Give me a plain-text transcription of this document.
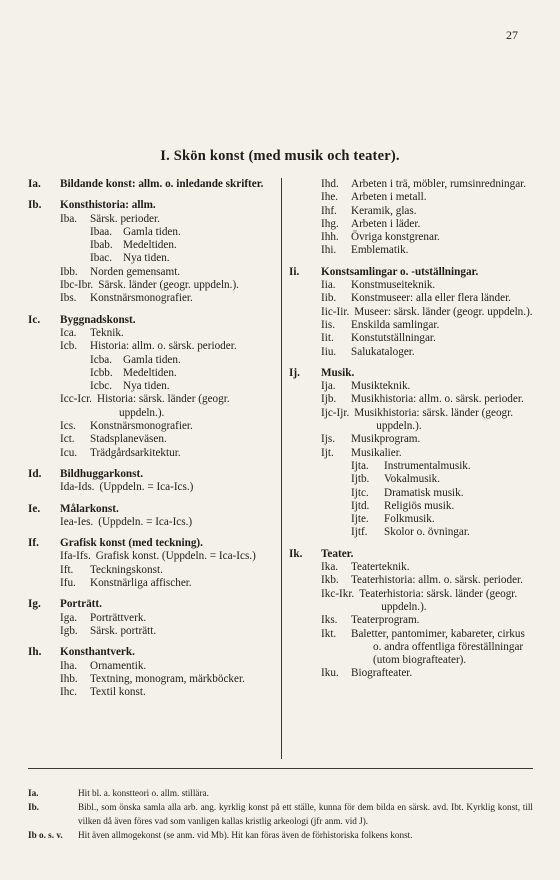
27
I. Skön konst (med musik och teater).
Ia.	Bildande konst: allm. o. inledande skrifter.
Ib.	Konsthistoria: allm.
Iba.	Särsk. perioder.
Ibaa. Gamla tiden.
Ibab. Medeltiden.
Ibac. Nya tiden.
Ibb.	Norden gemensamt.
Ibc-Ibr. Särsk. länder (geogr. uppdeln.).
Ibs.	Konstnärsmonografier.
Ic.	Byggnadskonst.
Ica.	Teknik.
Icb.	Historia: allm. o. särsk. perioder.
Icba. Gamla tiden.
Icbb. Medeltiden.
Icbc. Nya tiden.
Icc-Icr. Historia: särsk. länder (geogr. uppdeln.).
Ics.	Konstnärsmonografier.
Ict.	Stadsplaneväsen.
Icu.	Trädgårdsarkitektur.
Id.	Bildhuggarkonst.
Ida-Ids. (Uppdeln. = Ica-Ics.)
Ie.	Målarkonst.
Iea-Ies. (Uppdeln. = Ica-Ics.)
If.	Grafisk konst (med teckning).
Ifa-Ifs. Grafisk konst. (Uppdeln. = Ica-Ics.)
Ift.	Teckningskonst.
Ifu.	Konstnärliga affischer.
Ig.	Porträtt.
Iga.	Porträttverk.
Igb.	Särsk. porträtt.
Ih.	Konsthantverk.
Iha.	Ornamentik.
Ihb.	Textning, monogram, märkböcker.
Ihc.	Textil konst.
Ihd.	Arbeten i trä, möbler, rumsinredningar.
Ihe.	Arbeten i metall.
Ihf.	Keramik, glas.
Ihg.	Arbeten i läder.
Ihh.	Övriga konstgrenar.
Ihi.	Emblematik.
Ii.	Konstsamlingar o. -utställningar.
Iia.	Konstmuseiteknik.
Iib.	Konstmuseer: alla eller flera länder.
Iic-Iir. Museer: särsk. länder (geogr. uppdeln.).
Iis.	Enskilda samlingar.
Iit.	Konstutställningar.
Iiu.	Salukataloger.
Ij.	Musik.
Ija.	Musikteknik.
Ijb.	Musikhistoria: allm. o. särsk. perioder.
Ijc-Ijr. Musikhistoria: särsk. länder (geogr. uppdeln.).
Ijs.	Musikprogram.
Ijt.	Musikalier.
Ijta.	Instrumentalmusik.
Ijtb.	Vokalmusik.
Ijtc.	Dramatisk musik.
Ijtd.	Religiös musik.
Ijte.	Folkmusik.
Ijtf.	Skolor o. övningar.
Ik.	Teater.
Ika.	Teaterteknik.
Ikb.	Teaterhistoria: allm. o. särsk. perioder.
Ikc-Ikr. Teaterhistoria: särsk. länder (geogr. uppdeln.).
Iks.	Teaterprogram.
Ikt.	Baletter, pantomimer, kabareter, cirkus o. andra offentliga föreställningar (utom biografteater).
Iku.	Biografteater.
Ia.	Hit bl. a. konstteori o. allm. stillära.
Ib.	Bibl., som önska samla alla arb. ang. kyrklig konst på ett ställe, kunna för dem bilda en särsk. avd. Ibt. Kyrklig konst, till vilken då även föres vad som vanligen kallas kristlig arkeologi (jfr anm. vid J).
Ib o. s. v.	Hit även allmogekonst (se anm. vid Mb). Hit kan föras även de förhistoriska folkens konst.
